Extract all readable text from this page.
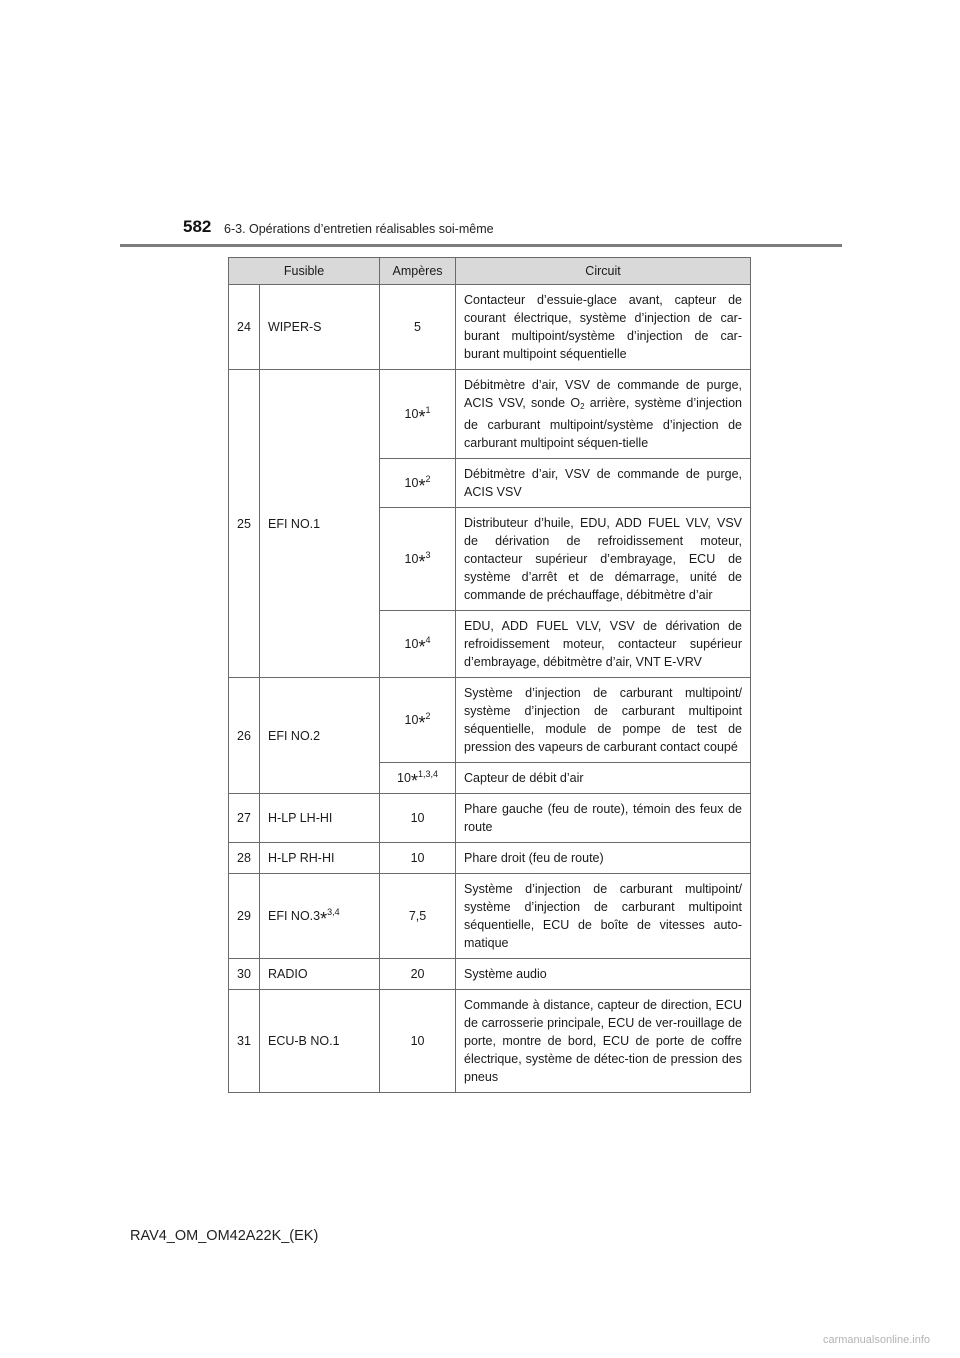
582 6-3. Opérations d’entretien réalisables soi-même
Fusible		Ampères	Circuit
24	WIPER-S	5	Contacteur d’essuie-glace avant, capteur de courant électrique, système d’injection de car-burant multipoint/système d’injection de car-burant multipoint séquentielle
25	EFI NO.1	10*$^1$	Débitmètre d’air, VSV de commande de purge, ACIS VSV, sonde $O_2$ arrière, système d’injection de carburant multipoint/système d’injection de carburant multipoint séquen-tielle
		10*$^2$	Débitmètre d’air, VSV de commande de purge, ACIS VSV
		10*$^3$	Distributeur d’huile, EDU, ADD FUEL VLV, VSV de dérivation de refroidissement moteur, contacteur supérieur d’embrayage, ECU de système d’arrêt et de démarrage, unité de commande de préchauffage, débitmètre d’air
		10*$^4$	EDU, ADD FUEL VLV, VSV de dérivation de refroidissement moteur, contacteur supérieur d’embrayage, débitmètre d’air, VNT E-VRV
26	EFI NO.2	10*$^2$	Système d’injection de carburant multipoint/ système d’injection de carburant multipoint séquentielle, module de pompe de test de pression des vapeurs de carburant contact coupé
		10*$^{1,3,4}$	Capteur de débit d’air
27	H-LP LH-HI	10	Phare gauche (feu de route), témoin des feux de route
28	H-LP RH-HI	10	Phare droit (feu de route)
29	EFI NO.3*$^{3,4}$	7,5	Système d’injection de carburant multipoint/ système d’injection de carburant multipoint séquentielle, ECU de boîte de vitesses auto-matique
30	RADIO	20	Système audio
31	ECU-B NO.1	10	Commande à distance, capteur de direction, ECU de carrosserie principale, ECU de ver-rouillage de porte, montre de bord, ECU de porte de coffre électrique, système de détec-tion de pression des pneus
RAV4_OM_OM42A22K_(EK)
carmanualsonline.info
